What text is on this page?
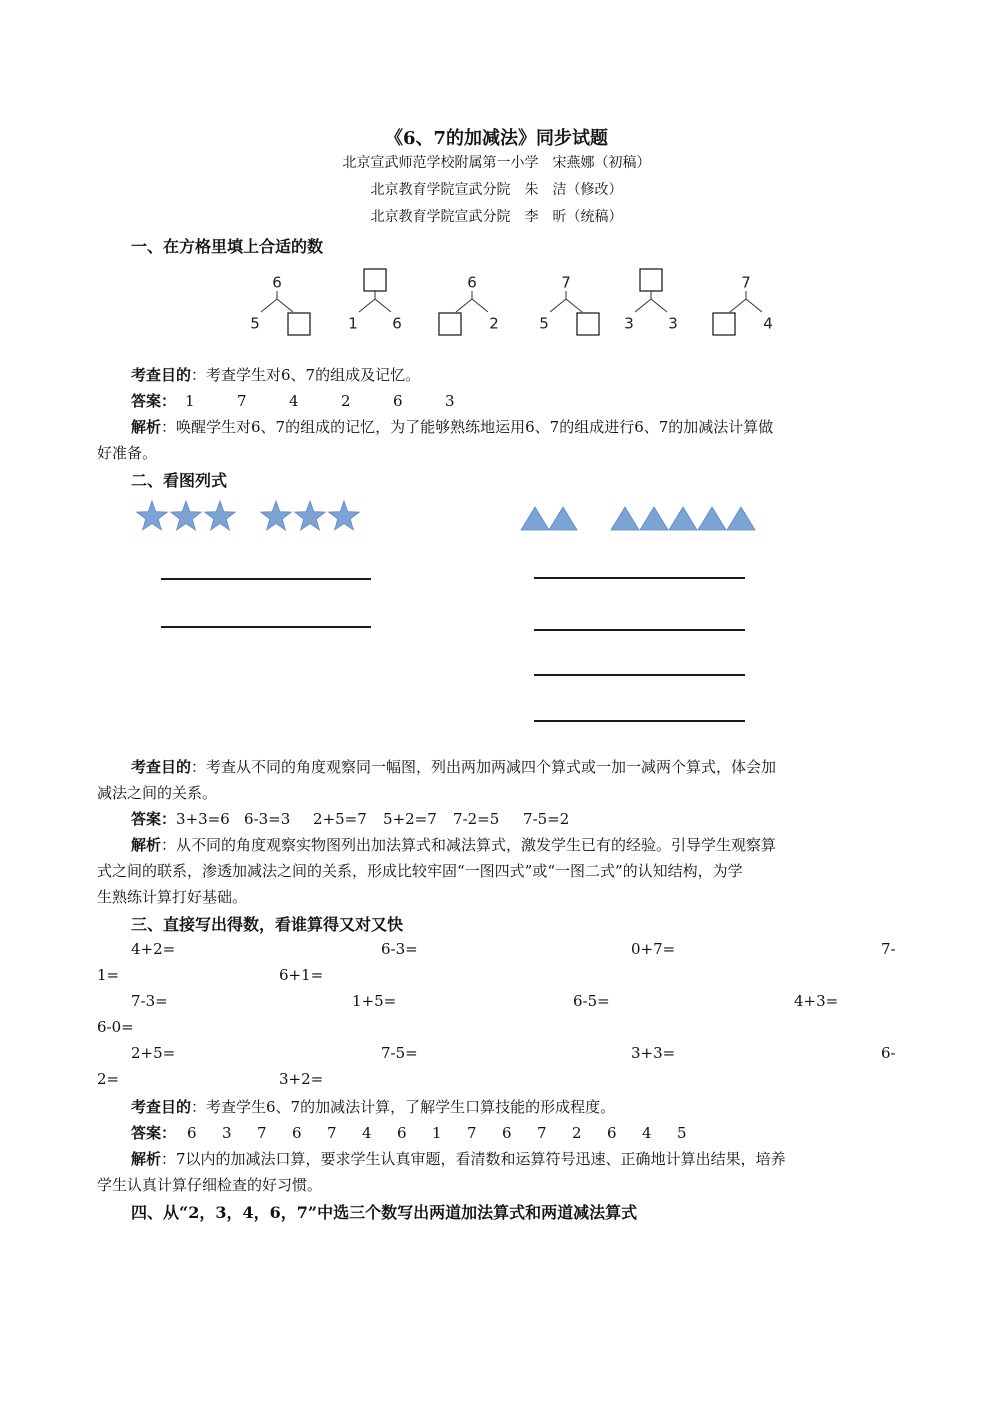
《6、7的加减法》同步试题
北京宣武师范学校附属第一小学　宋燕娜（初稿）
北京教育学院宣武分院　朱　洁（修改）
北京教育学院宣武分院　李　昕（统稿）
一、在方格里填上合适的数
6
5	1 6
6
2
7
5	3 3
7
4
考查目的：考查学生对6、7的组成及记忆。
答案： 1	7	4	2	6	3
解析：唤醒学生对6、7的组成的记忆，为了能够熟练地运用6、7的组成进行6、7的加减法计算做
好准备。
二、看图列式
考查目的：考查从不同的角度观察同一幅图，列出两加两减四个算式或一加一减两个算式，体会加
减法之间的关系。
答案：3+3=6 6-3=3 2+5=7 5+2=7 7-2=5 7-5=2
解析：从不同的角度观察实物图列出加法算式和减法算式，激发学生已有的经验。引导学生观察算
式之间的联系，渗透加减法之间的关系，形成比较牢固“一图四式”或“一图二式”的认知结构，为学
生熟练计算打好基础。
三、直接写出得数，看谁算得又对又快
4+2=	6-3=	0+7=	7-
1=	6+1=
7-3=	1+5=	6-5=	4+3=
6-0=
2+5=	7-5=	3+3=	6-
2=	3+2=
考查目的：考查学生6、7的加减法计算，了解学生口算技能的形成程度。
答案： 6 3 7 6 7 4 6 1 7 6 7 2 6 4 5
解析：7以内的加减法口算，要求学生认真审题，看清数和运算符号迅速、正确地计算出结果，培养
学生认真计算仔细检查的好习惯。
四、从“2，3，4，6，7”中选三个数写出两道加法算式和两道减法算式
